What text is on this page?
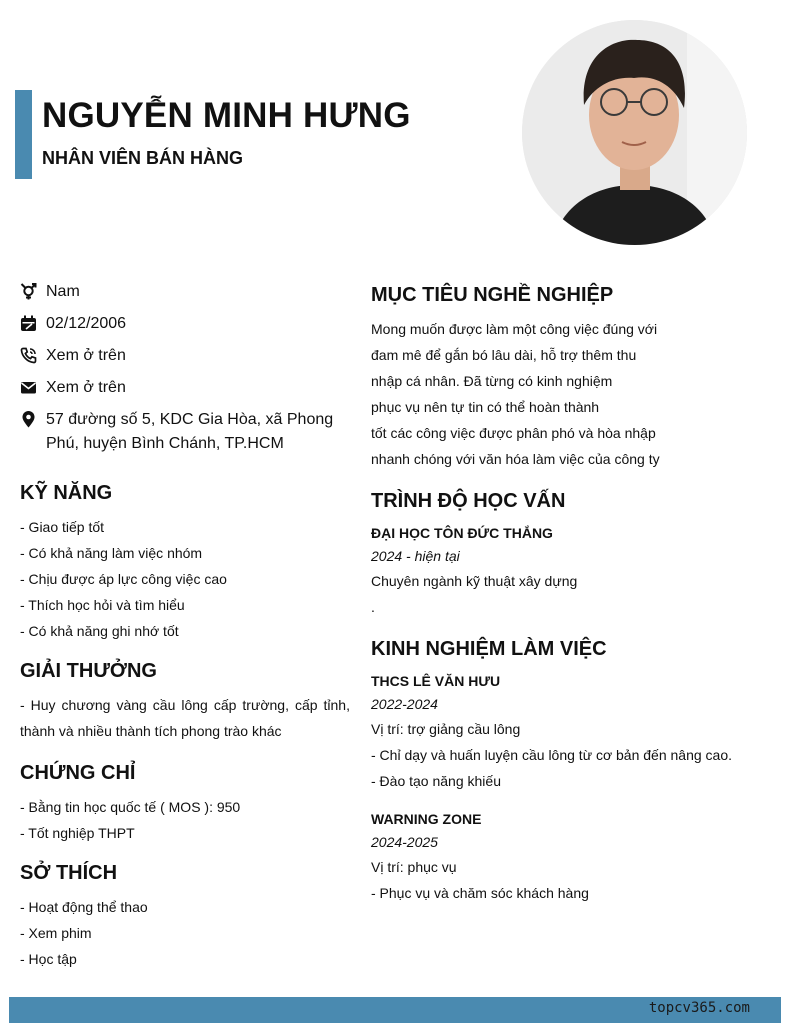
NGUYỄN MINH HƯNG
NHÂN VIÊN BÁN HÀNG
Nam
02/12/2006
Xem ở trên
Xem ở trên
57 đường số 5, KDC Gia Hòa, xã Phong Phú, huyện Bình Chánh, TP.HCM
KỸ NĂNG
- Giao tiếp tốt
- Có khả năng làm việc nhóm
- Chịu được áp lực công việc cao
- Thích học hỏi và tìm hiểu
- Có khả năng ghi nhớ tốt
GIẢI THƯỞNG
- Huy chương vàng cầu lông cấp trường, cấp tỉnh, thành và nhiều thành tích phong trào khác
CHỨNG CHỈ
- Bằng tin học quốc tế ( MOS ): 950
- Tốt nghiệp THPT
SỞ THÍCH
- Hoạt động thể thao
- Xem phim
- Học tập
MỤC TIÊU NGHỀ NGHIỆP
Mong muốn được làm một công việc đúng với
đam mê để gắn bó lâu dài, hỗ trợ thêm thu
nhập cá nhân. Đã từng có kinh nghiệm
phục vụ nên tự tin có thể hoàn thành
tốt các công việc được phân phó và hòa nhập
nhanh chóng với văn hóa làm việc của công ty
TRÌNH ĐỘ HỌC VẤN
ĐẠI HỌC TÔN ĐỨC THẮNG
2024 - hiện tại
Chuyên ngành kỹ thuật xây dựng
.
KINH NGHIỆM LÀM VIỆC
THCS LÊ VĂN HƯU
2022-2024
Vị trí: trợ giảng cầu lông
- Chỉ dạy và huấn luyện cầu lông từ cơ bản đến nâng cao.
- Đào tạo năng khiếu
WARNING ZONE
2024-2025
Vị trí: phục vụ
- Phục vụ và chăm sóc khách hàng
topcv365.com
